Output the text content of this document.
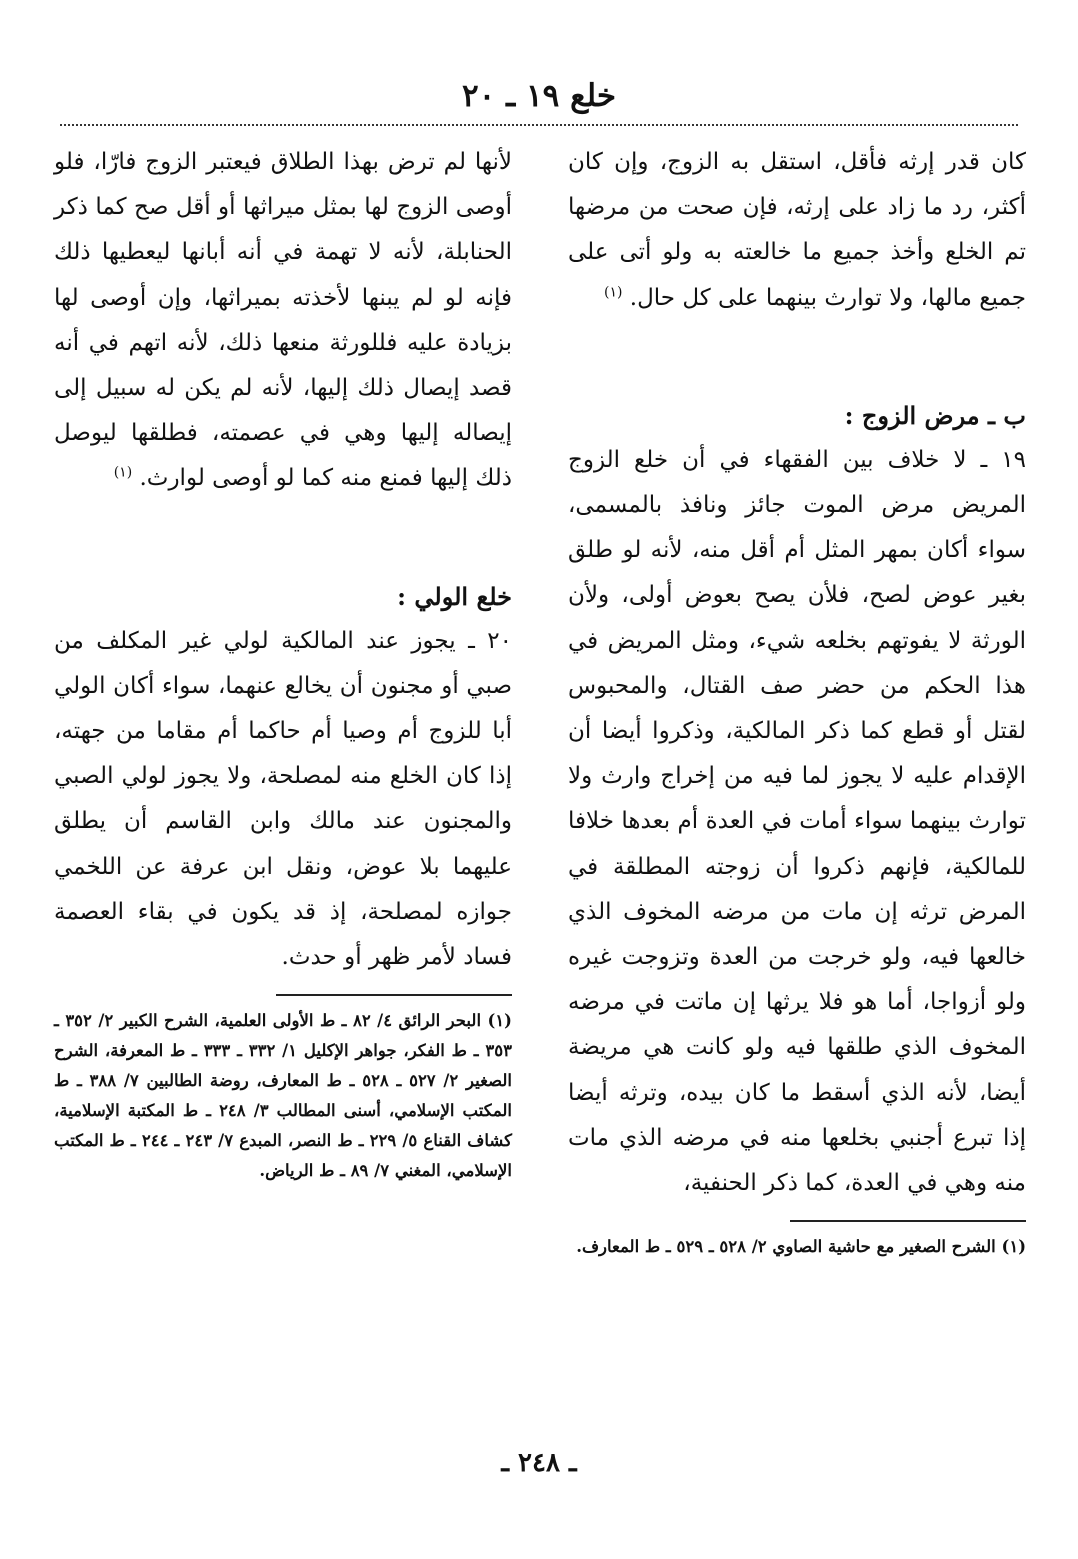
خلع ١٩ ـ ٢٠

كان قدر إرثه فأقل، استقل به الزوج، وإن كان أكثر، رد ما زاد على إرثه، فإن صحت من مرضها تم الخلع وأخذ جميع ما خالعته به ولو أتى على جميع مالها، ولا توارث بينهما على كل حال. $^{(١)}$

ب ـ مرض الزوج :

١٩ ـ لا خلاف بين الفقهاء في أن خلع الزوج المريض مرض الموت جائز ونافذ بالمسمى، سواء أكان بمهر المثل أم أقل منه، لأنه لو طلق بغير عوض لصح، فلأن يصح بعوض أولى، ولأن الورثة لا يفوتهم بخلعه شيء، ومثل المريض في هذا الحكم من حضر صف القتال، والمحبوس لقتل أو قطع كما ذكر المالكية، وذكروا أيضا أن الإقدام عليه لا يجوز لما فيه من إخراج وارث ولا توارث بينهما سواء أمات في العدة أم بعدها خلافا للمالكية، فإنهم ذكروا أن زوجته المطلقة في المرض ترثه إن مات من مرضه المخوف الذي خالعها فيه، ولو خرجت من العدة وتزوجت غيره ولو أزواجا، أما هو فلا يرثها إن ماتت في مرضه المخوف الذي طلقها فيه ولو كانت هي مريضة أيضا، لأنه الذي أسقط ما كان بيده، وترثه أيضا إذا تبرع أجنبي بخلعها منه في مرضه الذي مات منه وهي في العدة، كما ذكر الحنفية،

(١) الشرح الصغير مع حاشية الصاوي ٢/ ٥٢٨ ـ ٥٢٩ ـ ط المعارف.

لأنها لم ترض بهذا الطلاق فيعتبر الزوج فارّا، فلو أوصى الزوج لها بمثل ميراثها أو أقل صح كما ذكر الحنابلة، لأنه لا تهمة في أنه أبانها ليعطيها ذلك فإنه لو لم يبنها لأخذته بميراثها، وإن أوصى لها بزيادة عليه فللورثة منعها ذلك، لأنه اتهم في أنه قصد إيصال ذلك إليها، لأنه لم يكن له سبيل إلى إيصاله إليها وهي في عصمته، فطلقها ليوصل ذلك إليها فمنع منه كما لو أوصى لوارث. $^{(١)}$

خلع الولي :

٢٠ ـ يجوز عند المالكية لولي غير المكلف من صبي أو مجنون أن يخالع عنهما، سواء أكان الولي أبا للزوج أم وصيا أم حاكما أم مقاما من جهته، إذا كان الخلع منه لمصلحة، ولا يجوز لولي الصبي والمجنون عند مالك وابن القاسم أن يطلق عليهما بلا عوض، ونقل ابن عرفة عن اللخمي جوازه لمصلحة، إذ قد يكون في بقاء العصمة فساد لأمر ظهر أو حدث.

(١) البحر الرائق ٤/ ٨٢ ـ ط الأولى العلمية، الشرح الكبير ٢/ ٣٥٢ ـ ٣٥٣ ـ ط الفكر، جواهر الإكليل ١/ ٣٣٢ ـ ٣٣٣ ـ ط المعرفة، الشرح الصغير ٢/ ٥٢٧ ـ ٥٢٨ ـ ط المعارف، روضة الطالبين ٧/ ٣٨٨ ـ ط المكتب الإسلامي، أسنى المطالب ٣/ ٢٤٨ ـ ط المكتبة الإسلامية، كشاف القناع ٥/ ٢٢٩ ـ ط النصر، المبدع ٧/ ٢٤٣ ـ ٢٤٤ ـ ط المكتب الإسلامي، المغني ٧/ ٨٩ ـ ط الرياض.

ـ ٢٤٨ ـ
